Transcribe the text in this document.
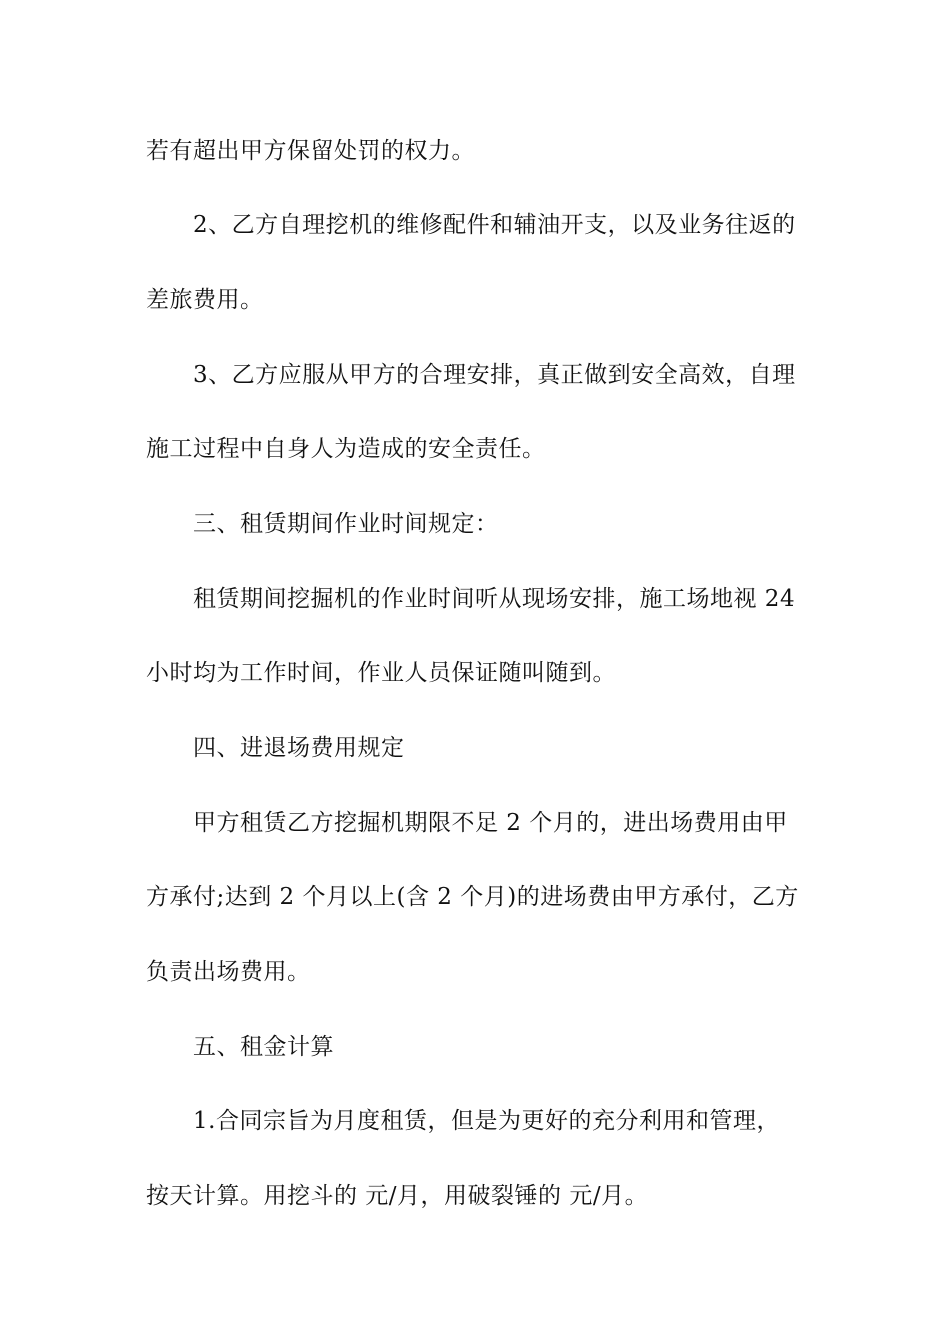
若有超出甲方保留处罚的权力。
2、乙方自理挖机的维修配件和辅油开支，以及业务往返的
差旅费用。
3、乙方应服从甲方的合理安排，真正做到安全高效，自理
施工过程中自身人为造成的安全责任。
三、租赁期间作业时间规定：
租赁期间挖掘机的作业时间听从现场安排，施工场地视 24
小时均为工作时间，作业人员保证随叫随到。
四、进退场费用规定
甲方租赁乙方挖掘机期限不足 2 个月的，进出场费用由甲
方承付;达到 2 个月以上(含 2 个月)的进场费由甲方承付，乙方
负责出场费用。
五、租金计算
1.合同宗旨为月度租赁，但是为更好的充分利用和管理，
按天计算。用挖斗的 元/月，用破裂锤的 元/月。
